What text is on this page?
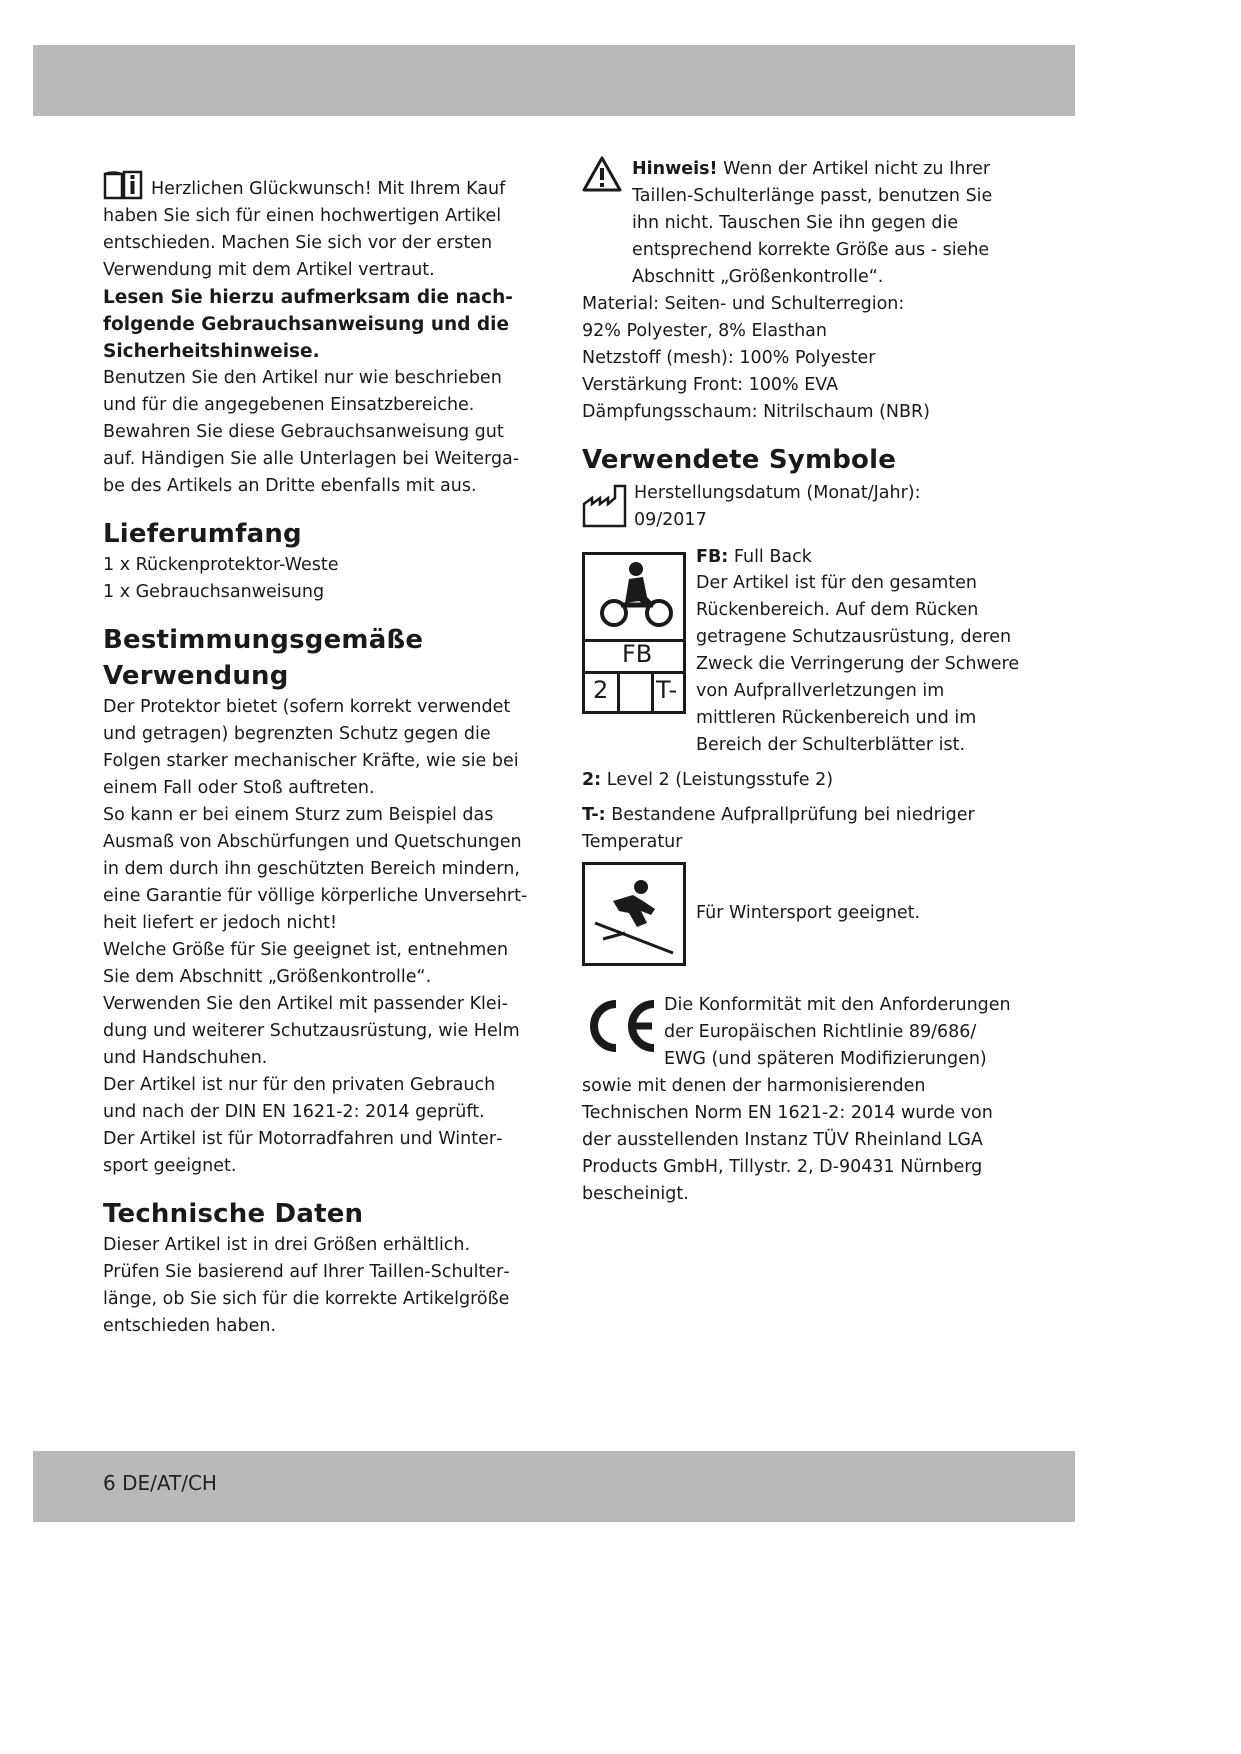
Herzlichen Glückwunsch! Mit Ihrem Kauf haben Sie sich für einen hochwertigen Artikel entschieden. Machen Sie sich vor der ersten Verwendung mit dem Artikel vertraut.

Lesen Sie hierzu aufmerksam die nachfolgende Gebrauchsanweisung und die Sicherheitshinweise.

Benutzen Sie den Artikel nur wie beschrieben und für die angegebenen Einsatzbereiche. Bewahren Sie diese Gebrauchsanweisung gut auf. Händigen Sie alle Unterlagen bei Weitergabe des Artikels an Dritte ebenfalls mit aus.

Lieferumfang

1 x Rückenprotektor-Weste

1 x Gebrauchsanweisung

Bestimmungsgemäße Verwendung

Der Protektor bietet (sofern korrekt verwendet und getragen) begrenzten Schutz gegen die Folgen starker mechanischer Kräfte, wie sie bei einem Fall oder Stoß auftreten.

So kann er bei einem Sturz zum Beispiel das Ausmaß von Abschürfungen und Quetschungen in dem durch ihn geschützten Bereich mindern, eine Garantie für völlige körperliche Unversehrtheit liefert er jedoch nicht!

Welche Größe für Sie geeignet ist, entnehmen Sie dem Abschnitt „Größenkontrolle“.

Verwenden Sie den Artikel mit passender Kleidung und weiterer Schutzausrüstung, wie Helm und Handschuhen.

Der Artikel ist nur für den privaten Gebrauch und nach der DIN EN 1621-2: 2014 geprüft.

Der Artikel ist für Motorradfahren und Wintersport geeignet.

Technische Daten

Dieser Artikel ist in drei Größen erhältlich.

Prüfen Sie basierend auf Ihrer Taillen-Schulterlänge, ob Sie sich für die korrekte Artikelgröße entschieden haben.

Hinweis! Wenn der Artikel nicht zu Ihrer Taillen-Schulterlänge passt, benutzen Sie ihn nicht. Tauschen Sie ihn gegen die entsprechend korrekte Größe aus - siehe Abschnitt „Größenkontrolle“.

Material: Seiten- und Schulterregion:

92% Polyester, 8% Elasthan

Netzstoff (mesh): 100% Polyester

Verstärkung Front: 100% EVA

Dämpfungsschaum: Nitrilschaum (NBR)

Verwendete Symbole

Herstellungsdatum (Monat/Jahr):

09/2017

FB
2 T-

FB: Full Back

Der Artikel ist für den gesamten Rückenbereich. Auf dem Rücken getragene Schutzausrüstung, deren Zweck die Verringerung der Schwere von Aufprallverletzungen im mittleren Rückenbereich und im Bereich der Schulterblätter ist.

2: Level 2 (Leistungsstufe 2)

T-: Bestandene Aufprallprüfung bei niedriger Temperatur

Für Wintersport geeignet.

Die Konformität mit den Anforderungen der Europäischen Richtlinie 89/686/ EWG (und späteren Modifizierungen) sowie mit denen der harmonisierenden Technischen Norm EN 1621-2: 2014 wurde von der ausstellenden Instanz TÜV Rheinland LGA Products GmbH, Tillystr. 2, D-90431 Nürnberg bescheinigt.

6 DE/AT/CH
